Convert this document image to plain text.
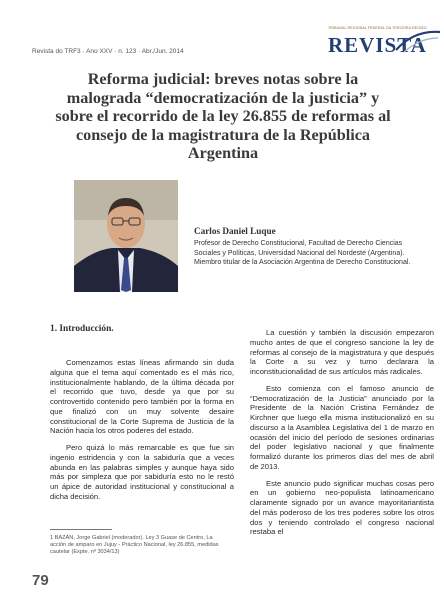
Revista do TRF3 · Ano XXV · n. 123 · Abr./Jun. 2014
TRIBUNAL REGIONAL FEDERAL DA TERCEIRA REGIÃO
REVISTA
Reforma judicial: breves notas sobre la malograda “democratización de la justicia” y sobre el recorrido de la ley 26.855 de reformas al consejo de la magistratura de la República Argentina
Carlos Daniel Luque

Profesor de Derecho Constitucional, Facultad de Derecho Ciencias Sociales y Políticas, Universidad Nacional del Nordeste (Argentina). Miembro titular de la Asociación Argentina de Derecho Constitucional.

1. Introducción.

Comenzamos estas líneas afirmando sin duda alguna que el tema aquí comentado es el más rico, institucionalmente hablando, de la última década por el recorrido que tuvo, desde ya que por su controvertido contenido pero también por la forma en que finalizó con un muy solvente desaire constitucional de la Corte Suprema de Justicia de la Nación hacia los otros poderes del estado.

Pero quizá lo más remarcable es que fue sin ingenio estridencia y con la sabiduría que a veces abunda en las palabras simples y aunque haya sido más por simpleza que por sabiduría esto no le restó un ápice de autoridad institucional y constitucional a dicha decisión.

La cuestión y también la discusión empezaron mucho antes de que el congreso sancione la ley de reformas al consejo de la magistratura y que después la Corte a su vez y turno declarara la inconstitucionalidad de sus artículos más radicales.

Esto comienza con el famoso anuncio de “Democratización de la Justicia” anunciado por la Presidente de la Nación Cristina Fernández de Kirchner que luego ella misma institucionalizó en su discurso a la Asamblea Legislativa del 1 de marzo en ocasión del inicio del período de sesiones ordinarias del poder legislativo nacional y que finalmente formalizó durante los primeros días del mes de abril de 2013.

Este anuncio pudo significar muchas cosas pero en un gobierno neo-populista latinoamericano claramente signado por un avance mayoritariantista del más poderoso de los tres poderes sobre los otros dos y teniendo controlado el congreso nacional restaba el

1 BAZÁN, Jorge Gabriel (moderador). Ley 3 Guase de Centro, La acción de amparo en Jujuy - Práctico Nacional, ley 26.855, medidas cautelar (Expte. nº 3034/13)

79
